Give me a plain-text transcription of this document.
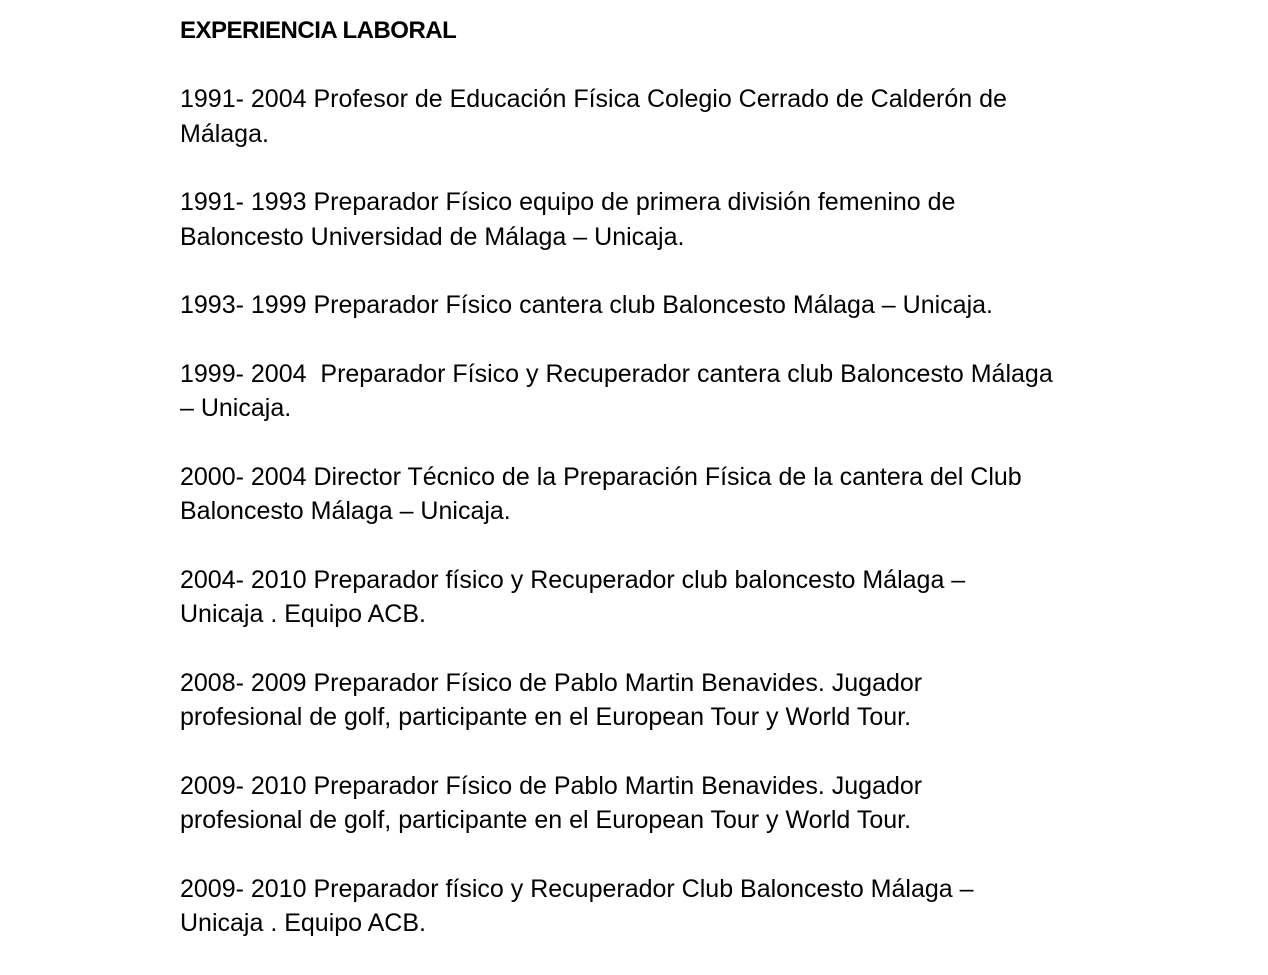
EXPERIENCIA LABORAL
1991- 2004 Profesor de Educación Física Colegio Cerrado de Calderón de
Málaga.
1991- 1993 Preparador Físico equipo de primera división femenino de
Baloncesto Universidad de Málaga – Unicaja.
1993- 1999 Preparador Físico cantera club Baloncesto Málaga – Unicaja.
1999- 2004  Preparador Físico y Recuperador cantera club Baloncesto Málaga
– Unicaja.
2000- 2004 Director Técnico de la Preparación Física de la cantera del Club
Baloncesto Málaga – Unicaja.
2004- 2010 Preparador físico y Recuperador club baloncesto Málaga –
Unicaja . Equipo ACB.
2008- 2009 Preparador Físico de Pablo Martin Benavides. Jugador
profesional de golf, participante en el European Tour y World Tour.
2009- 2010 Preparador Físico de Pablo Martin Benavides. Jugador
profesional de golf, participante en el European Tour y World Tour.
2009- 2010 Preparador físico y Recuperador Club Baloncesto Málaga –
Unicaja . Equipo ACB.
